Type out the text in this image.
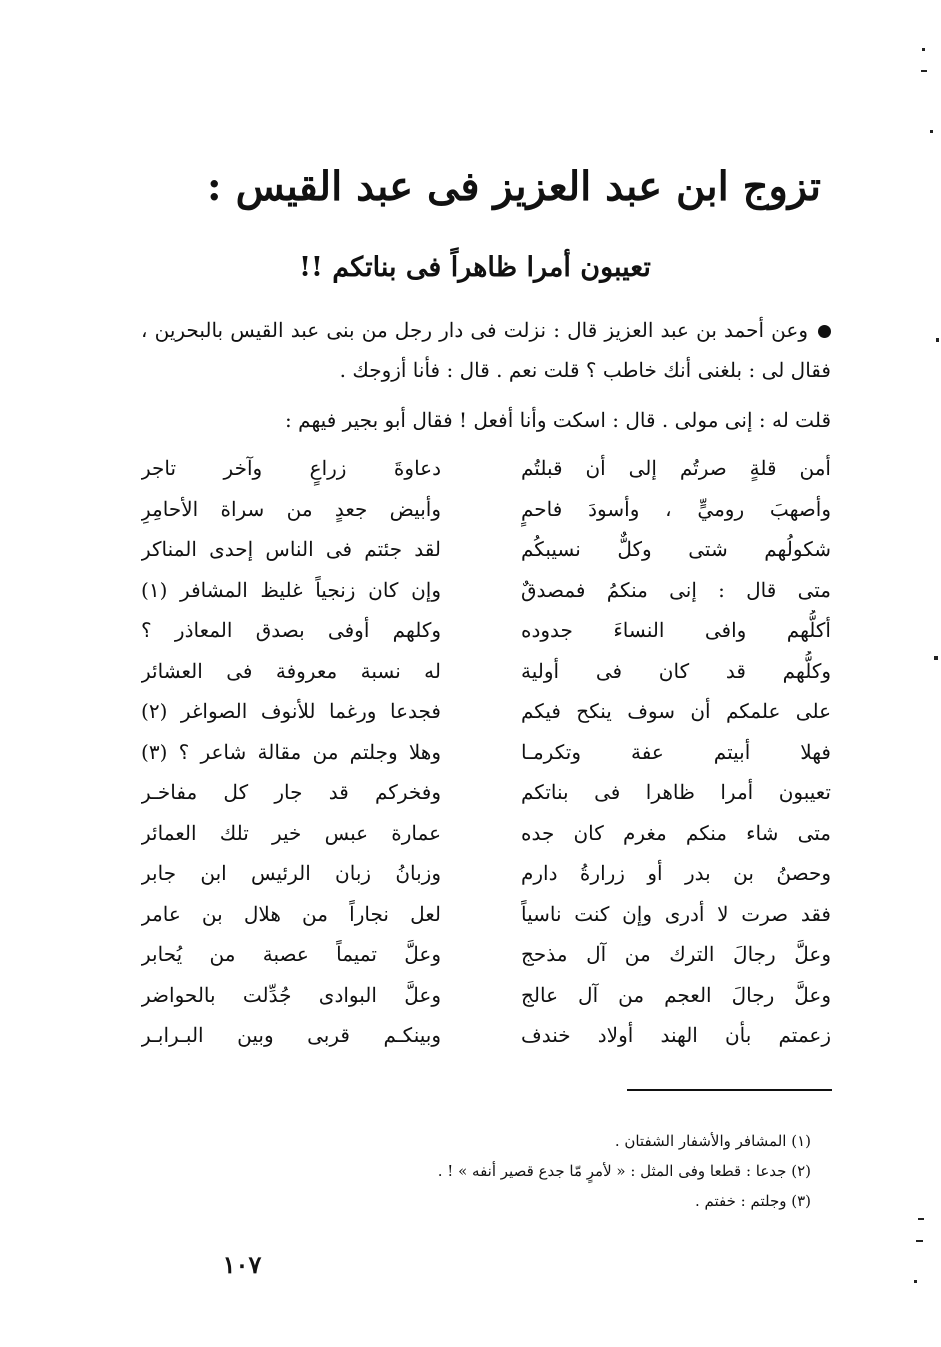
تزوج ابن عبد العزيز فى عبد القيس :
تعيبون أمرا ظاهراً فى بناتكم !!
وعن أحمد بن عبد العزيز قال : نزلت فى دار رجل من بنى عبد القيس بالبحرين ، فقال لى : بلغنى أنك خاطب ؟ قلت نعم . قال : فأنا أزوجك .
قلت له : إنى مولى . قال : اسكت وأنا أفعل ! فقال أبو بجير فيهم :
أمن قلةٍ صرتُم إلى أن قبلتُم
دعاوةَ زراعٍ وآخر تاجر
وأصهبَ روميٍّ ، وأسودَ فاحمٍ
وأبيض جعدٍ من سراة الأحامِرِ
شكولُهم شتى وكلٌّ نسيبكُم
لقد جئتم فى الناس إحدى المناكر
متى قال : إنى منكمُ فمصدقٌ
وإن كان زنجياً غليظ المشافر (١)
أكلُّهم وافى النساءَ جدوده
وكلهم أوفى بصدق المعاذر ؟
وكلُّهم قد كان فى أولية
له نسبة معروفة فى العشائر
على علمكم أن سوف ينكح فيكم
فجدعا ورغما للأنوف الصواغر (٢)
فهلا أبيتم عفة وتكرمـا
وهلا وجلتم من مقالة شاعر ؟ (٣)
تعيبون أمرا ظاهرا فى بناتكم
وفخركم قد جار كل مفاخـر
متى شاء منكم مغرم كان جده
عمارة عبس خير تلك العمائر
وحصنُ بن بدر أو زرارةُ دارم
وزبانُ زبان الرئيس ابن جابر
فقد صرت لا أدرى وإن كنت ناسياً
لعل نجاراً من هلال بن عامر
وعلَّ رجالَ الترك من آل مذحج
وعلَّ تميماً عصبة من يُحابر
وعلَّ رجالَ العجم من آل عالج
وعلَّ البوادى جُدِّلت بالحواضر
زعمتم بأن الهند أولاد خندف
وبينكـم قربى وبين البـرابـر
(١) المشافر والأشفار الشفتان .
(٢) جدعا : قطعا وفى المثل : « لأمرٍ مّا جدع قصير أنفه » ! .
(٣) وجلتم : خفتم .
١٠٧
